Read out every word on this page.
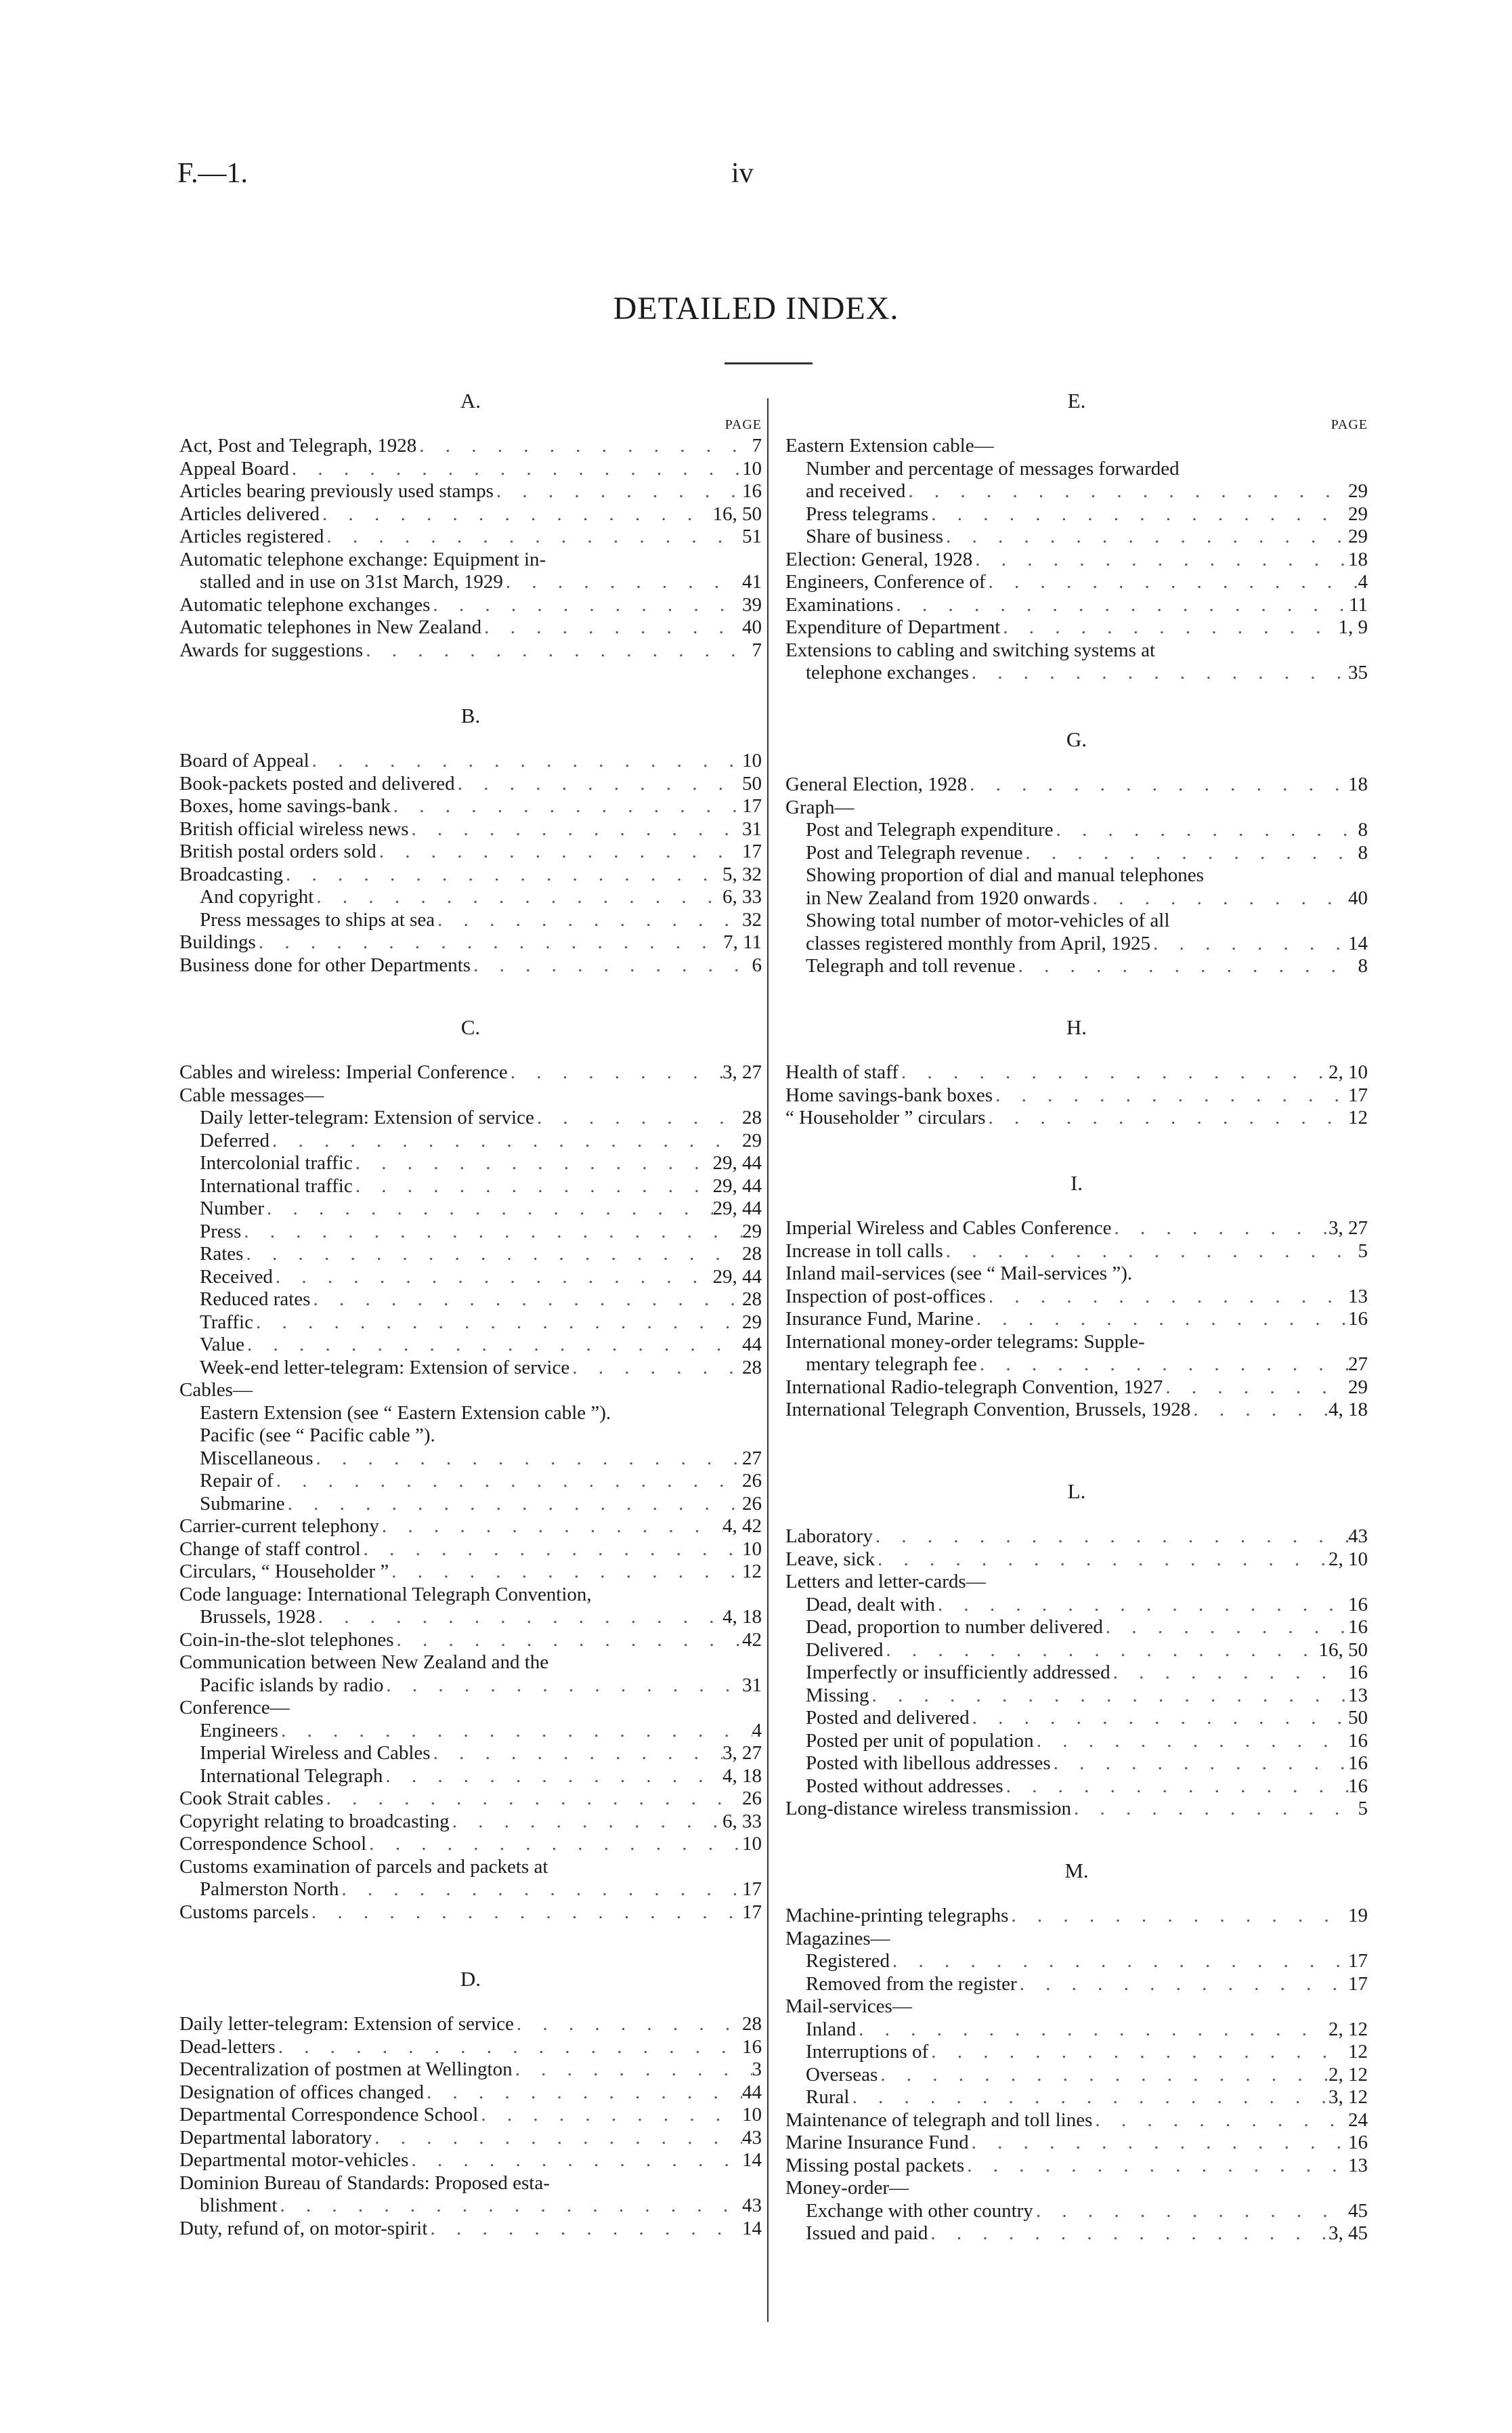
F.—1.	iv
DETAILED INDEX.
A.
PAGE
Act, Post and Telegraph, 1928 . . .	7
Appeal Board . . .	10
Articles bearing previously used stamps . . .	16
Articles delivered . . .	16, 50
Articles registered . . .	51
Automatic telephone exchange: Equipment in-
stalled and in use on 31st March, 1929 . . .	41
Automatic telephone exchanges . . .	39
Automatic telephones in New Zealand . . .	40
Awards for suggestions . . .	7
B.
Board of Appeal . . .	10
Book-packets posted and delivered . . .	50
Boxes, home savings-bank . . .	17
British official wireless news . . .	31
British postal orders sold . . .	17
Broadcasting . . .	5, 32
And copyright . . .	6, 33
Press messages to ships at sea . . .	32
Buildings . . .	7, 11
Business done for other Departments . . .	6
C.
Cables and wireless: Imperial Conference . . .	3, 27
Cable messages—
Daily letter-telegram: Extension of service . . .	28
Deferred . . .	29
Intercolonial traffic . . .	29, 44
International traffic . . .	29, 44
Number . . .	29, 44
Press . . .	29
Rates . . .	28
Received . . .	29, 44
Reduced rates . . .	28
Traffic . . .	29
Value . . .	44
Week-end letter-telegram: Extension of service . . .	28
Cables—
Eastern Extension (see “ Eastern Extension cable ”).
Pacific (see “ Pacific cable ”).
Miscellaneous . . .	27
Repair of . . .	26
Submarine . . .	26
Carrier-current telephony . . .	4, 42
Change of staff control . . .	10
Circulars, “ Householder ” . . .	12
Code language: International Telegraph Convention,
Brussels, 1928 . . .	4, 18
Coin-in-the-slot telephones . . .	42
Communication between New Zealand and the
Pacific islands by radio . . .	31
Conference—
Engineers . . .	4
Imperial Wireless and Cables . . .	3, 27
International Telegraph . . .	4, 18
Cook Strait cables . . .	26
Copyright relating to broadcasting . . .	6, 33
Correspondence School . . .	10
Customs examination of parcels and packets at
Palmerston North . . .	17
Customs parcels . . .	17
D.
Daily letter-telegram: Extension of service . . .	28
Dead-letters . . .	16
Decentralization of postmen at Wellington . . .	3
Designation of offices changed . . .	44
Departmental Correspondence School . . .	10
Departmental laboratory . . .	43
Departmental motor-vehicles . . .	14
Dominion Bureau of Standards: Proposed esta-
blishment . . .	43
Duty, refund of, on motor-spirit . . .	14
E.
PAGE
Eastern Extension cable—
Number and percentage of messages forwarded
and received . . .	29
Press telegrams . . .	29
Share of business . . .	29
Election: General, 1928 . . .	18
Engineers, Conference of . . .	4
Examinations . . .	11
Expenditure of Department . . .	1, 9
Extensions to cabling and switching systems at
telephone exchanges . . .	35
G.
General Election, 1928 . . .	18
Graph—
Post and Telegraph expenditure . . .	8
Post and Telegraph revenue . . .	8
Showing proportion of dial and manual telephones
in New Zealand from 1920 onwards . . .	40
Showing total number of motor-vehicles of all
classes registered monthly from April, 1925 . . .	14
Telegraph and toll revenue . . .	8
H.
Health of staff . . .	2, 10
Home savings-bank boxes . . .	17
“ Householder ” circulars . . .	12
I.
Imperial Wireless and Cables Conference . . .	3, 27
Increase in toll calls . . .	5
Inland mail-services (see “ Mail-services ”).
Inspection of post-offices . . .	13
Insurance Fund, Marine . . .	16
International money-order telegrams: Supple-
mentary telegraph fee . . .	27
International Radio-telegraph Convention, 1927 . . .	29
International Telegraph Convention, Brussels, 1928 . . .	4, 18
L.
Laboratory . . .	43
Leave, sick . . .	2, 10
Letters and letter-cards—
Dead, dealt with . . .	16
Dead, proportion to number delivered . . .	16
Delivered . . .	16, 50
Imperfectly or insufficiently addressed . . .	16
Missing . . .	13
Posted and delivered . . .	50
Posted per unit of population . . .	16
Posted with libellous addresses . . .	16
Posted without addresses . . .	16
Long-distance wireless transmission . . .	5
M.
Machine-printing telegraphs . . .	19
Magazines—
Registered . . .	17
Removed from the register . . .	17
Mail-services—
Inland . . .	2, 12
Interruptions of . . .	12
Overseas . . .	2, 12
Rural . . .	3, 12
Maintenance of telegraph and toll lines . . .	24
Marine Insurance Fund . . .	16
Missing postal packets . . .	13
Money-order—
Exchange with other country . . .	45
Issued and paid . . .	3, 45
